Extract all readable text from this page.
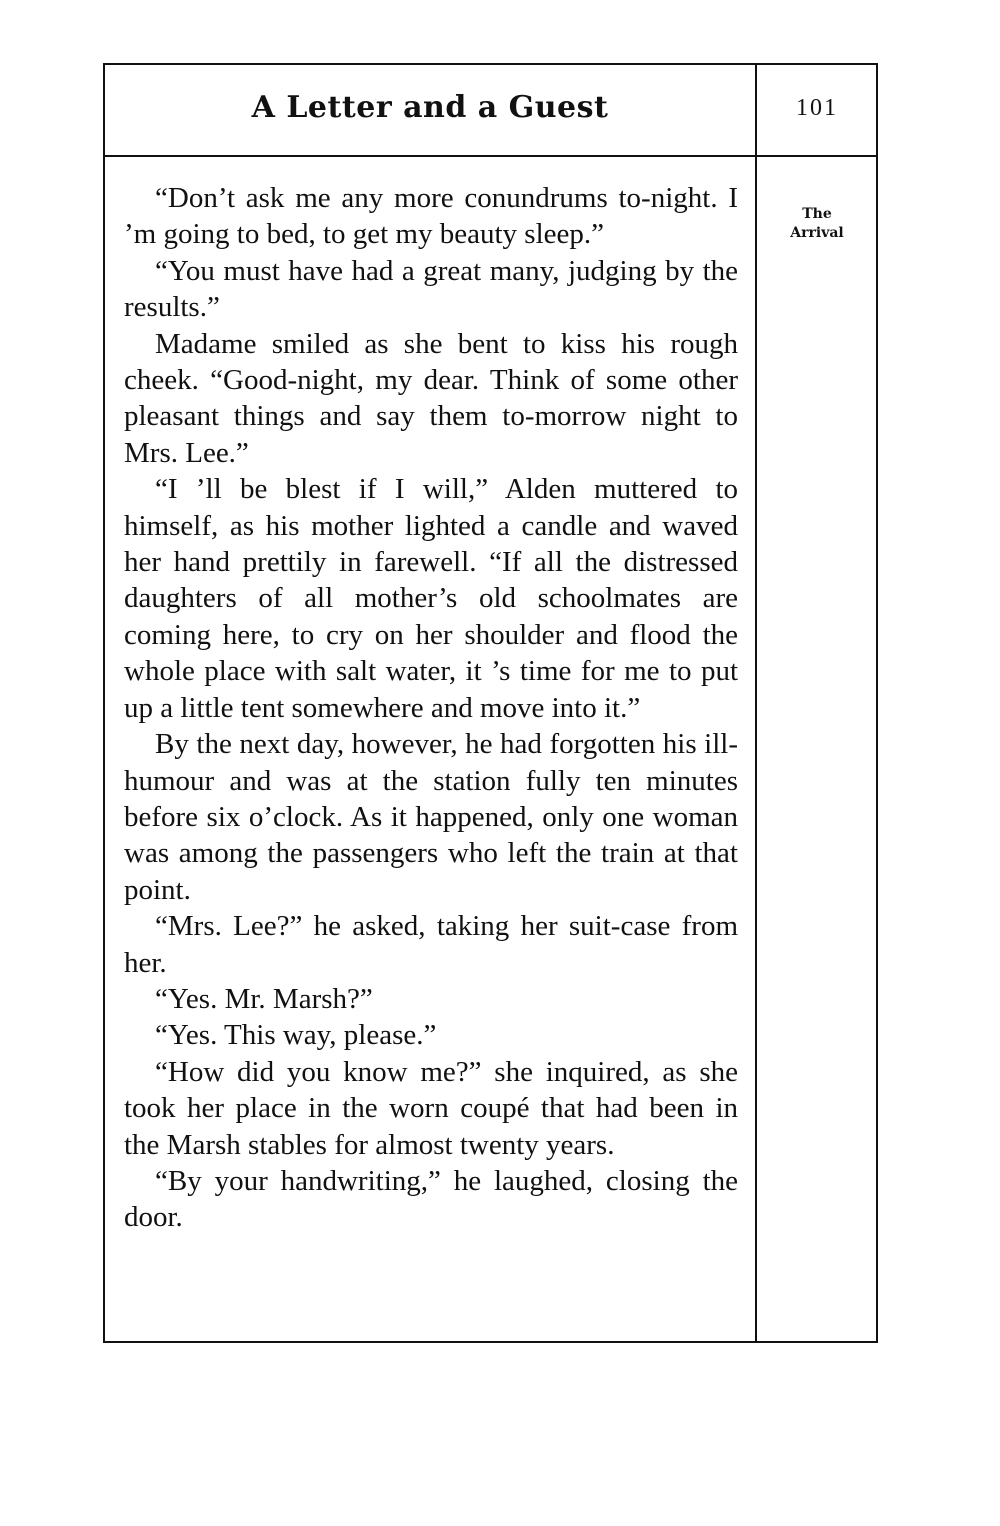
A Letter and a Guest	101
The
Arrival

“Don’t ask me any more conundrums to-night. I ’m going to bed, to get my beauty sleep.”

“You must have had a great many, judging by the results.”

Madame smiled as she bent to kiss his rough cheek. “Good-night, my dear. Think of some other pleasant things and say them to-morrow night to Mrs. Lee.”

“I ’ll be blest if I will,” Alden muttered to himself, as his mother lighted a candle and waved her hand prettily in farewell. “If all the distressed daughters of all mother’s old schoolmates are coming here, to cry on her shoulder and flood the whole place with salt water, it ’s time for me to put up a little tent somewhere and move into it.”

By the next day, however, he had forgotten his ill-humour and was at the station fully ten minutes before six o’clock. As it happened, only one woman was among the passengers who left the train at that point.

“Mrs. Lee?” he asked, taking her suit-case from her.

“Yes. Mr. Marsh?”

“Yes. This way, please.”

“How did you know me?” she inquired, as she took her place in the worn coupé that had been in the Marsh stables for almost twenty years.

“By your handwriting,” he laughed, closing the door.
